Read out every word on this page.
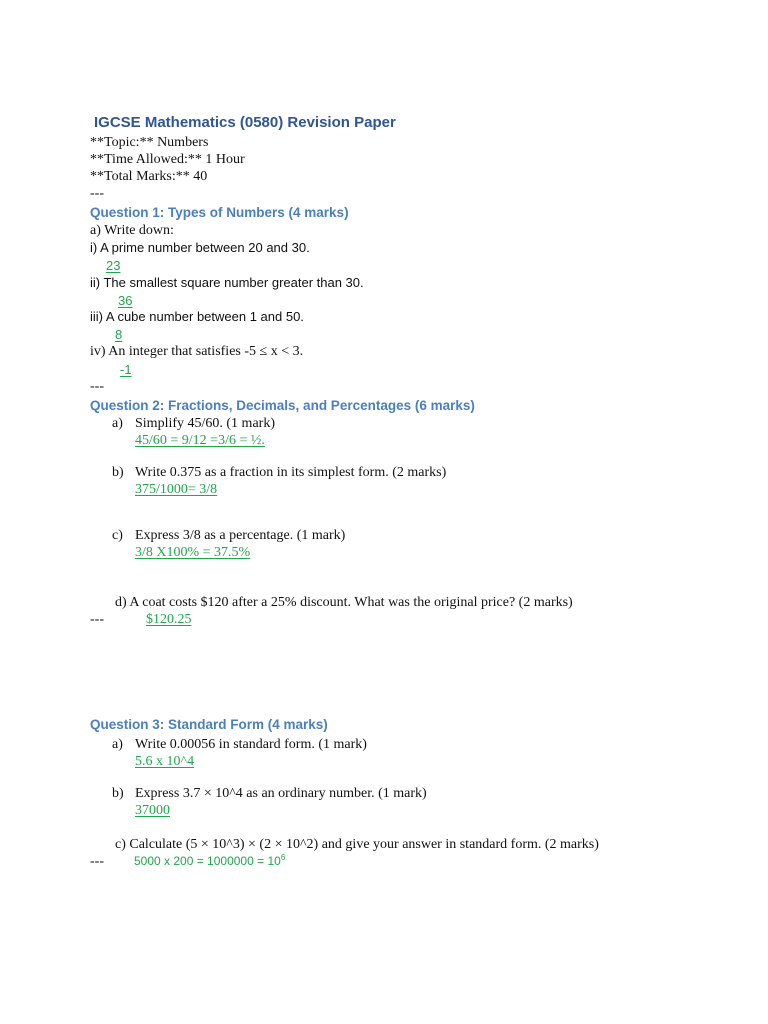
IGCSE Mathematics (0580) Revision Paper
**Topic:** Numbers
**Time Allowed:** 1 Hour
**Total Marks:** 40
---
Question 1: Types of Numbers (4 marks)
a) Write down:
i) A prime number between 20 and 30.
23
ii) The smallest square number greater than 30.
36
iii) A cube number between 1 and 50.
8
iv) An integer that satisfies -5 ≤ x < 3.
-1
---
Question 2: Fractions, Decimals, and Percentages (6 marks)
a) Simplify 45/60. (1 mark)
45/60 = 9/12 =3/6 = ½.
b) Write 0.375 as a fraction in its simplest form. (2 marks)
375/1000= 3/8
c) Express 3/8 as a percentage. (1 mark)
3/8 X100% = 37.5%
d) A coat costs $120 after a 25% discount. What was the original price? (2 marks)
---	$120.25
Question 3: Standard Form (4 marks)
a) Write 0.00056 in standard form. (1 mark)
5.6 x 10^4
b) Express 3.7 × 10^4 as an ordinary number. (1 mark)
37000
c) Calculate (5 × 10^3) × (2 × 10^2) and give your answer in standard form. (2 marks)
---	5000 x $200 = 1000000 = 10^6$
